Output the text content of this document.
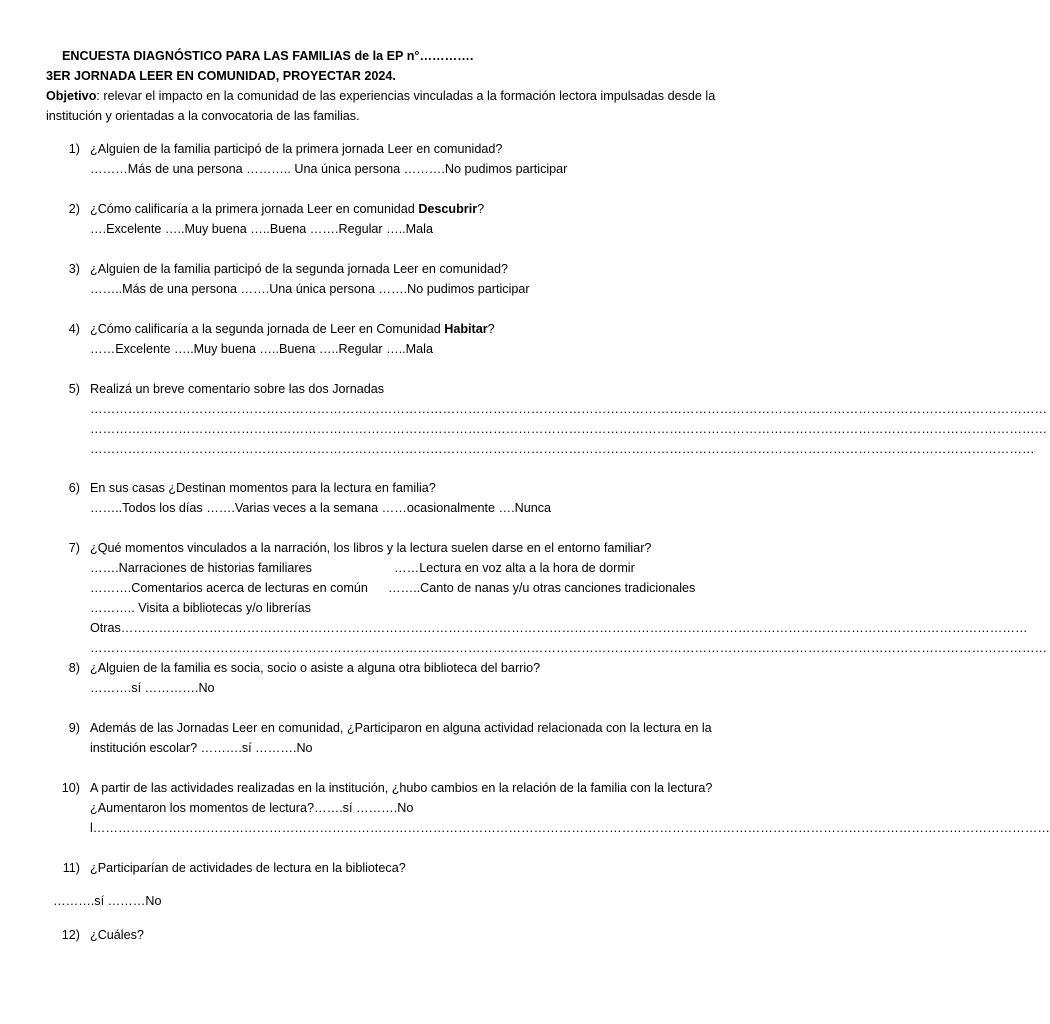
ENCUESTA DIAGNÓSTICO PARA LAS FAMILIAS de la EP n°………….
3ER JORNADA LEER EN COMUNIDAD, PROYECTAR 2024.
Objetivo: relevar el impacto en la comunidad de las experiencias vinculadas a la formación lectora impulsadas desde la
institución y orientadas a la convocatoria de las familias.
1) ¿Alguien de la familia participó de la primera jornada Leer en comunidad?
………Más de una persona ……….. Una única persona ……….No pudimos participar
2) ¿Cómo calificaría a la primera jornada Leer en comunidad Descubrir?
….Excelente …..Muy buena …..Buena …….Regular …..Mala
3) ¿Alguien de la familia participó de la segunda jornada Leer en comunidad?
……..Más de una persona …….Una única persona …….No pudimos participar
4) ¿Cómo calificaría a la segunda jornada de Leer en Comunidad Habitar?
……Excelente …..Muy buena …..Buena …..Regular …..Mala
5) Realizá un breve comentario sobre las dos Jornadas
…………………………………………………………………………………………………………………………………………………………………………………………………………
…………………………………………………………………………………………………………………………………………………………………………………………………………
………………………………………………………………………………………………………………………………………………………………………………………………………
6) En sus casas ¿Destinan momentos para la lectura en familia?
……..Todos los días …….Varias veces a la semana ……ocasionalmente ….Nunca
7) ¿Qué momentos vinculados a la narración, los libros y la lectura suelen darse en el entorno familiar?
…….Narraciones de historias familiares	……Lectura en voz alta a la hora de dormir
……….Comentarios acerca de lecturas en común ……..Canto de nanas y/u otras canciones tradicionales
……….. Visita a bibliotecas y/o librerías
Otras………………………………………………………………………………………………………………………………………………………………………………………………
…………………………………………………………………………………………………………………………………………………………………………………………………………
8) ¿Alguien de la familia es socia, socio o asiste a alguna otra biblioteca del barrio?
……….sí ………….No
9) Además de las Jornadas Leer en comunidad, ¿Participaron en alguna actividad relacionada con la lectura en la
institución escolar? ……….sí ……….No
10) A partir de las actividades realizadas en la institución, ¿hubo cambios en la relación de la familia con la lectura?
¿Aumentaron los momentos de lectura?…….sí ……….No
l…………………………………………………………………………………………………………………………………………………………………………………………………………
11) ¿Participarían de actividades de lectura en la biblioteca?
……….sí ………No
12) ¿Cuáles?
